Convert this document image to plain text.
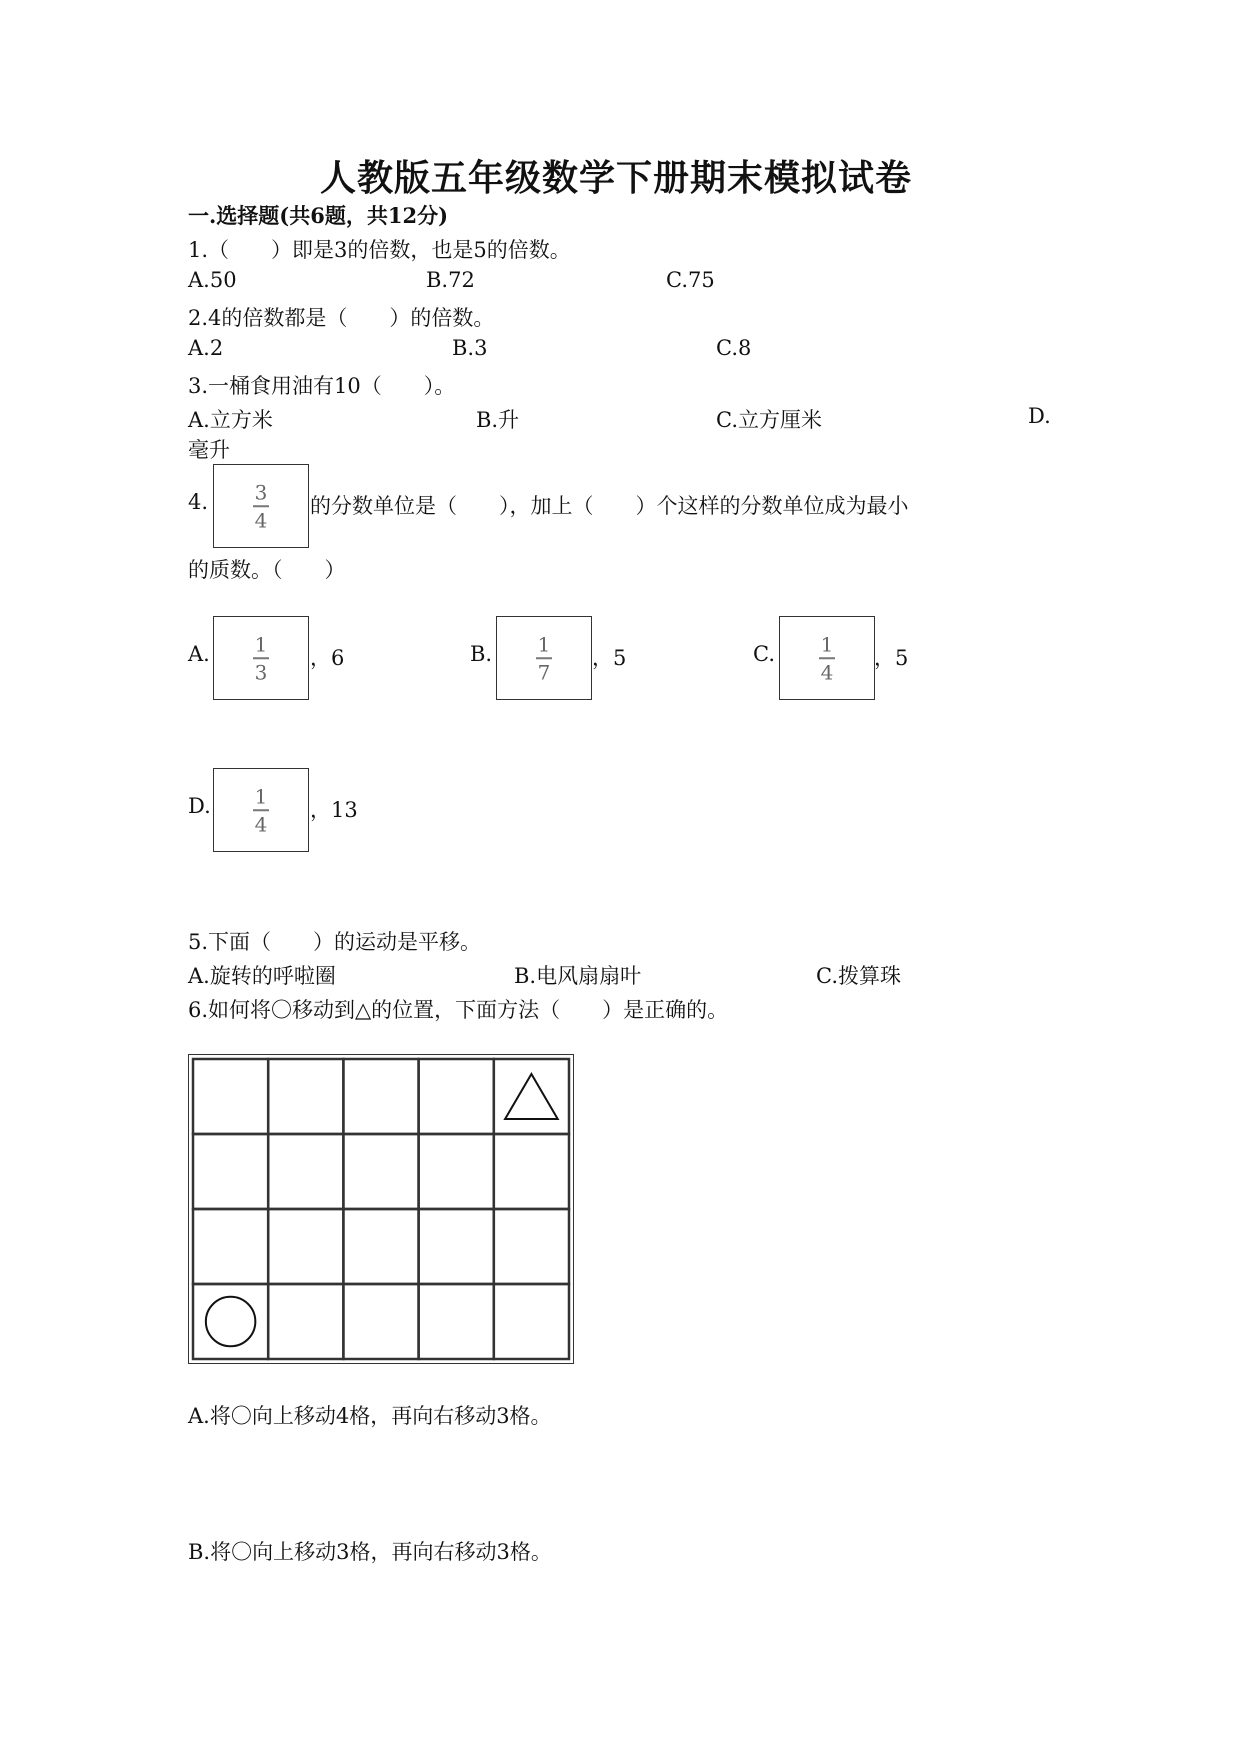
人教版五年级数学下册期末模拟试卷
一.选择题(共6题，共12分)
1.（　　）即是3的倍数，也是5的倍数。
A.50	B.72	C.75
2.4的倍数都是（　　）的倍数。
A.2	B.3	C.8
3.一桶食用油有10（　　）。
A.立方米	B.升	C.立方厘米	D.
毫升
4. 3
4
的分数单位是（　　），加上（　　）个这样的分数单位成为最小
的质数。（　　）
A. 1
3
，6	B. 1
7
，5	C. 1
4
，5
D. 1
4
，13
5.下面（　　）的运动是平移。
A.旋转的呼啦圈	B.电风扇扇叶	C.拨算珠
6.如何将〇移动到△的位置，下面方法（　　）是正确的。
A.将〇向上移动4格，再向右移动3格。
B.将〇向上移动3格，再向右移动3格。
